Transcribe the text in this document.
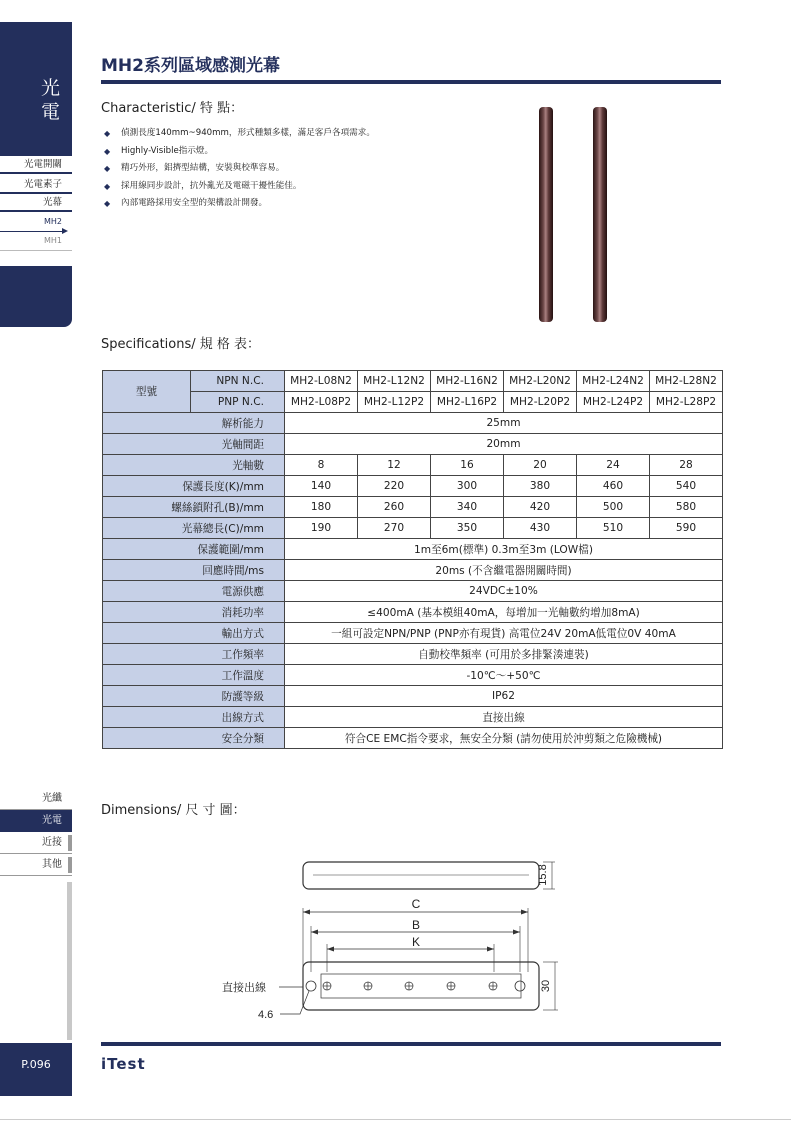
光
電
光電開關
光電素子
光幕
MH2
MH1
光纖
光電
近接
其他
P.096
MH2系列區域感測光幕
Characteristic/ 特 點：
◆ 偵測長度140mm~940mm，形式種類多樣，滿足客戶各項需求。
◆ Highly-Visible指示燈。
◆ 精巧外形，鋁擠型結構，安裝與校準容易。
◆ 採用線同步設計，抗外亂光及電磁干擾性能佳。
◆ 內部電路採用安全型的架構設計開發。
Specifications/ 規 格 表：
型號	NPN N.C.	MH2-L08N2	MH2-L12N2	MH2-L16N2	MH2-L20N2	MH2-L24N2	MH2-L28N2
	PNP N.C.	MH2-L08P2	MH2-L12P2	MH2-L16P2	MH2-L20P2	MH2-L24P2	MH2-L28P2
解析能力		25mm					
光軸間距		20mm					
光軸數		8	12	16	20	24	28
保護長度(K)/mm		140	220	300	380	460	540
螺絲鎖附孔(B)/mm		180	260	340	420	500	580
光幕總長(C)/mm		190	270	350	430	510	590
保護範圍/mm		1m至6m(標準) 0.3m至3m (LOW檔)					
回應時間/ms		20ms (不含繼電器開關時間)					
電源供應		24VDC±10%					
消耗功率		≤400mA (基本模組40mA，每增加一光軸數約增加8mA)					
輸出方式		一組可設定NPN/PNP (PNP亦有現貨) 高電位24V 20mA低電位0V 40mA					
工作頻率		自動校準頻率 (可用於多排緊湊連裝)					
工作溫度		-10℃～+50℃					
防護等級		IP62					
出線方式		直接出線					
安全分類		符合CE EMC指令要求，無安全分類 (請勿使用於沖剪類之危險機械)					
Dimensions/ 尺 寸 圖：
15.8
C
B
K
30
直接出線
4.6
iTest
